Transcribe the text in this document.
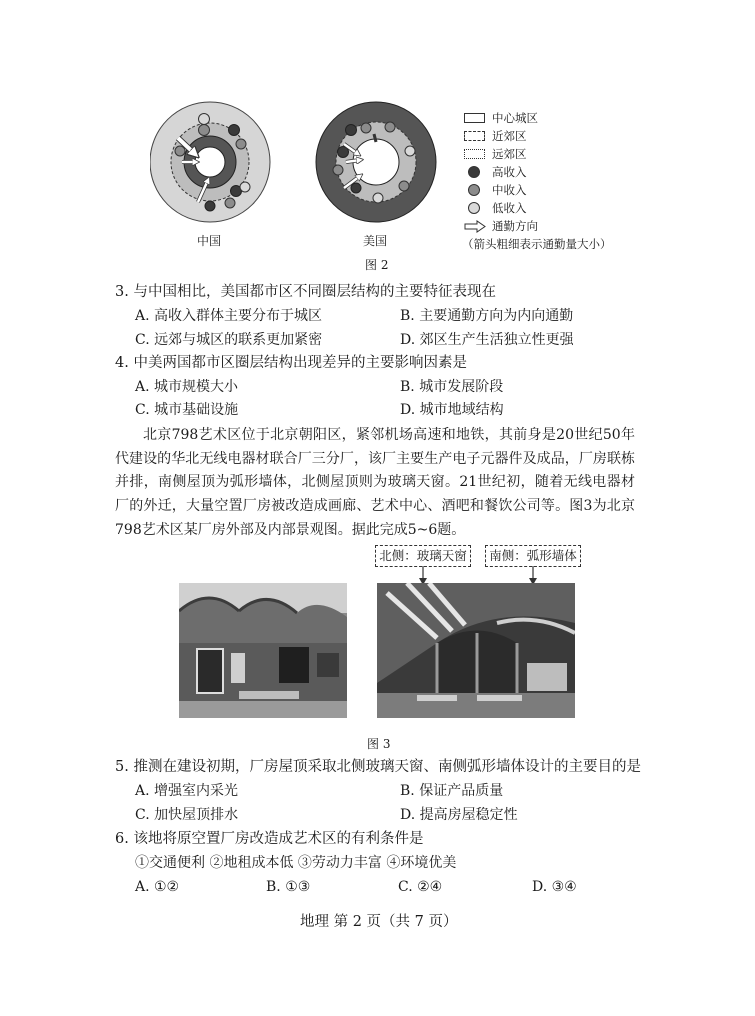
中国	美国
中心城区
近郊区
远郊区
高收入
中收入
低收入
通勤方向
（箭头粗细表示通勤量大小）
图 2
3. 与中国相比，美国都市区不同圈层结构的主要特征表现在
A. 高收入群体主要分布于城区	B. 主要通勤方向为内向通勤
C. 远郊与城区的联系更加紧密	D. 郊区生产生活独立性更强
4. 中美两国都市区圈层结构出现差异的主要影响因素是
A. 城市规模大小	B. 城市发展阶段
C. 城市基础设施	D. 城市地域结构
北京798艺术区位于北京朝阳区，紧邻机场高速和地铁，其前身是20世纪50年代建设的华北无线电器材联合厂三分厂，该厂主要生产电子元器件及成品，厂房联栋并排，南侧屋顶为弧形墙体，北侧屋顶则为玻璃天窗。21世纪初，随着无线电器材厂的外迁，大量空置厂房被改造成画廊、艺术中心、酒吧和餐饮公司等。图3为北京798艺术区某厂房外部及内部景观图。据此完成5~6题。
北侧：玻璃天窗	南侧：弧形墙体
图 3
5. 推测在建设初期，厂房屋顶采取北侧玻璃天窗、南侧弧形墙体设计的主要目的是
A. 增强室内采光	B. 保证产品质量
C. 加快屋顶排水	D. 提高房屋稳定性
6. 该地将原空置厂房改造成艺术区的有利条件是
①交通便利 ②地租成本低 ③劳动力丰富 ④环境优美
A. ①②	B. ①③	C. ②④	D. ③④
地理 第 2 页（共 7 页）
